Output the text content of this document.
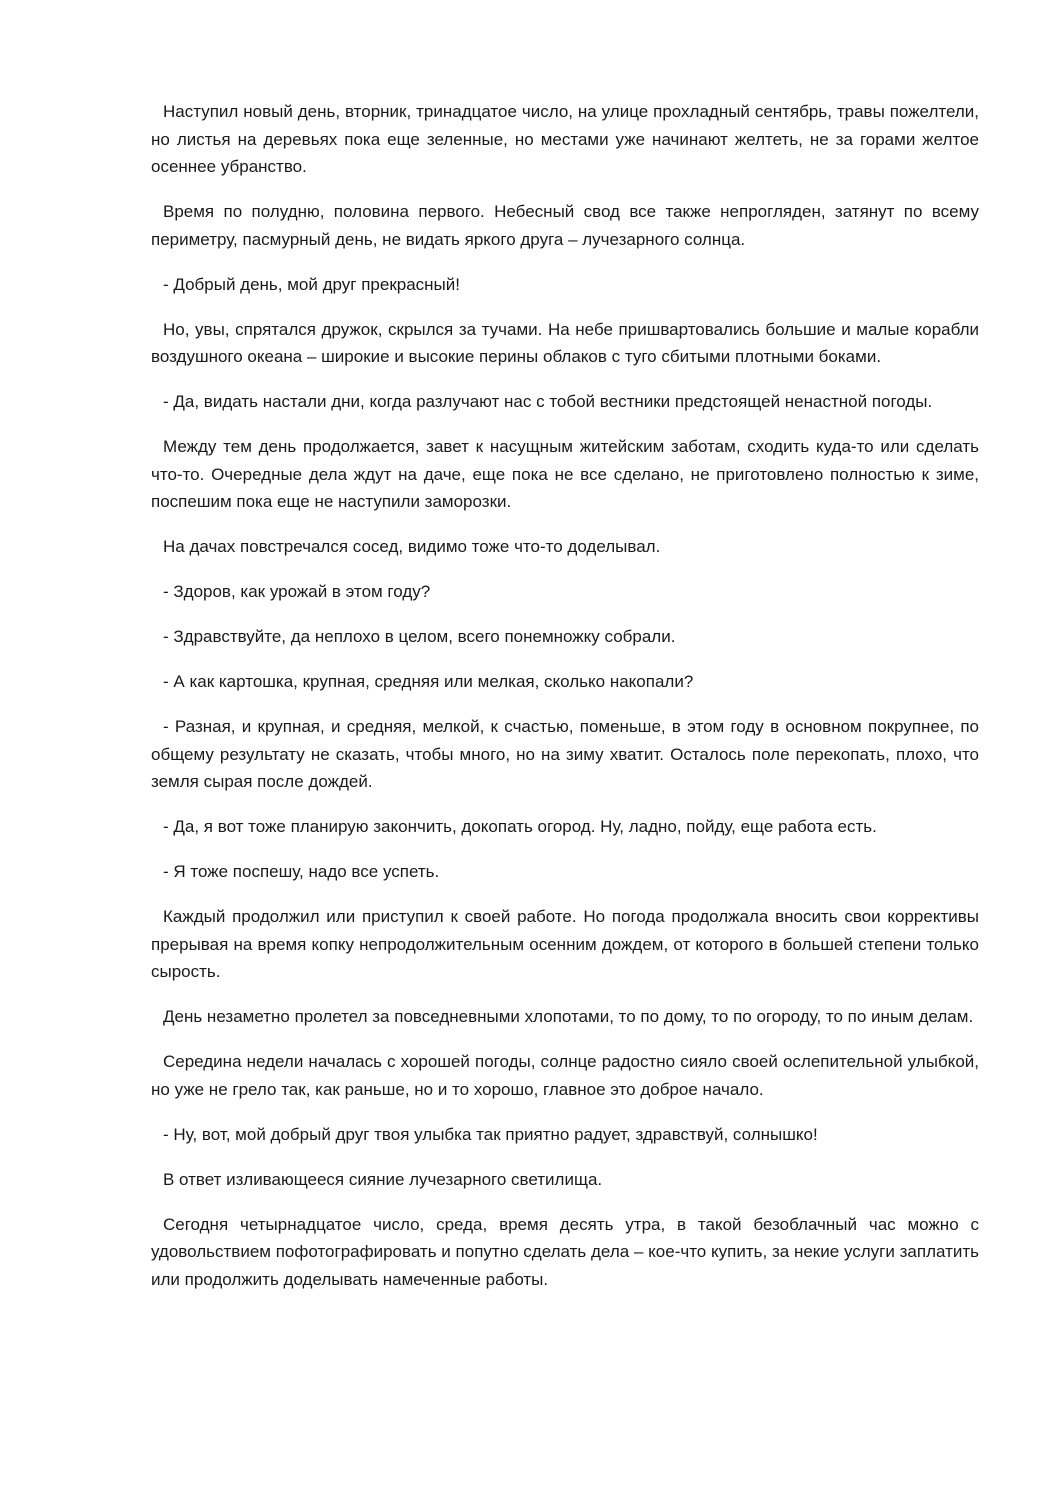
Наступил новый день, вторник, тринадцатое число, на улице прохладный сентябрь, травы пожелтели, но листья на деревьях пока еще зеленные, но местами уже начинают желтеть, не за горами желтое осеннее убранство.

Время по полудню, половина первого. Небесный свод все также непрогляден, затянут по всему периметру, пасмурный день, не видать яркого друга – лучезарного солнца.

- Добрый день, мой друг прекрасный!

Но, увы, спрятался дружок, скрылся за тучами. На небе пришвартовались большие и малые корабли воздушного океана – широкие и высокие перины облаков с туго сбитыми плотными боками.

- Да, видать настали дни, когда разлучают нас с тобой вестники предстоящей ненастной погоды.

Между тем день продолжается, завет к насущным житейским заботам, сходить куда-то или сделать что-то. Очередные дела ждут на даче, еще пока не все сделано, не приготовлено полностью к зиме, поспешим пока еще не наступили заморозки.

На дачах повстречался сосед, видимо тоже что-то доделывал.

- Здоров, как урожай в этом году?

- Здравствуйте, да неплохо в целом, всего понемножку собрали.

- А как картошка, крупная, средняя или мелкая, сколько накопали?

- Разная, и крупная, и средняя, мелкой, к счастью, поменьше, в этом году в основном покрупнее, по общему результату не сказать, чтобы много, но на зиму хватит. Осталось поле перекопать, плохо, что земля сырая после дождей.

- Да, я вот тоже планирую закончить, докопать огород. Ну, ладно, пойду, еще работа есть.

- Я тоже поспешу, надо все успеть.

Каждый продолжил или приступил к своей работе. Но погода продолжала вносить свои коррективы прерывая на время копку непродолжительным осенним дождем, от которого в большей степени только сырость.

День незаметно пролетел за повседневными хлопотами, то по дому, то по огороду, то по иным делам.

Середина недели началась с хорошей погоды, солнце радостно сияло своей ослепительной улыбкой, но уже не грело так, как раньше, но и то хорошо, главное это доброе начало.

- Ну, вот, мой добрый друг твоя улыбка так приятно радует, здравствуй, солнышко!

В ответ изливающееся сияние лучезарного светилища.

Сегодня четырнадцатое число, среда, время десять утра, в такой безоблачный час можно с удовольствием пофотографировать и попутно сделать дела – кое-что купить, за некие услуги заплатить или продолжить доделывать намеченные работы.
